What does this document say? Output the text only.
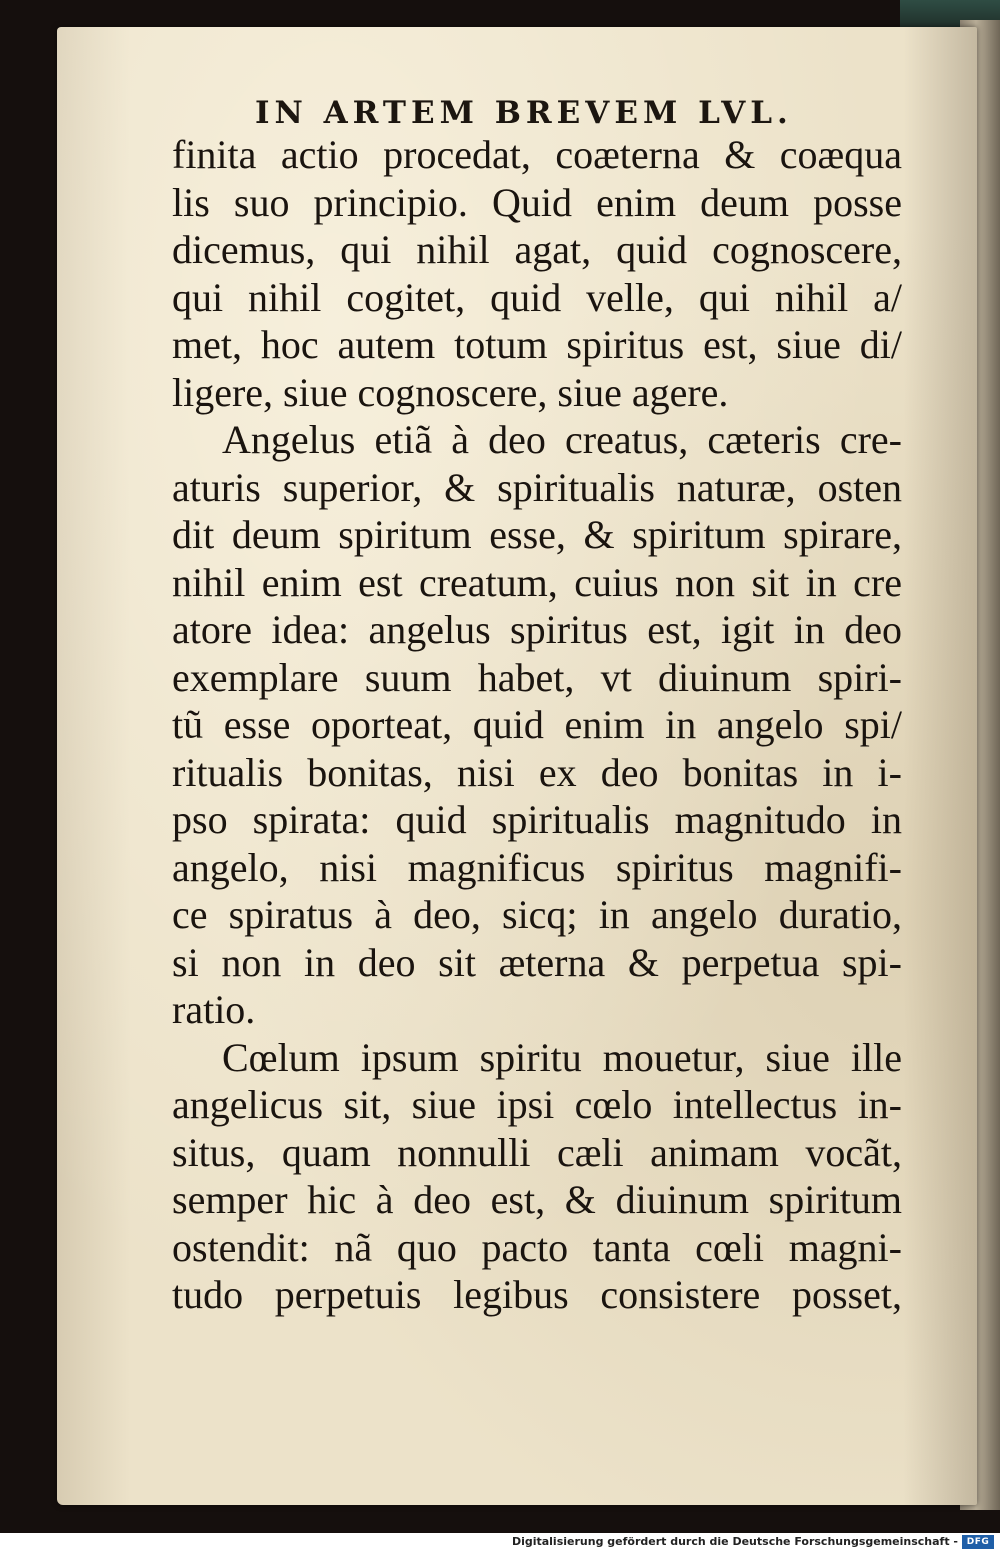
IN ARTEM BREVEM LVL.
finita actio procedat, coæterna & coæqua
lis suo principio. Quid enim deum posse
dicemus, qui nihil agat, quid cognoscere,
qui nihil cogitet, quid velle, qui nihil a/
met, hoc autem totum spiritus est, siue di/
ligere, siue cognoscere, siue agere.
Angelus etiã à deo creatus, cæteris cre-
aturis superior, & spiritualis naturæ, osten
dit deum spiritum esse, & spiritum spirare,
nihil enim est creatum, cuius non sit in cre
atore idea: angelus spiritus est, igit in deo
exemplare suum habet, vt diuinum spiri-
tũ esse oporteat, quid enim in angelo spi/
ritualis bonitas, nisi ex deo bonitas in i-
pso spirata: quid spiritualis magnitudo in
angelo, nisi magnificus spiritus magnifi-
ce spiratus à deo, sicq; in angelo duratio,
si non in deo sit æterna & perpetua spi-
ratio.
Cœlum ipsum spiritu mouetur, siue ille
angelicus sit, siue ipsi cœlo intellectus in-
situs, quam nonnulli cæli animam vocãt,
semper hic à deo est, & diuinum spiritum
ostendit: nã quo pacto tanta cœli magni-
tudo perpetuis legibus consistere posset,
Digitalisierung gefördert durch die Deutsche Forschungsgemeinschaft - DFG
